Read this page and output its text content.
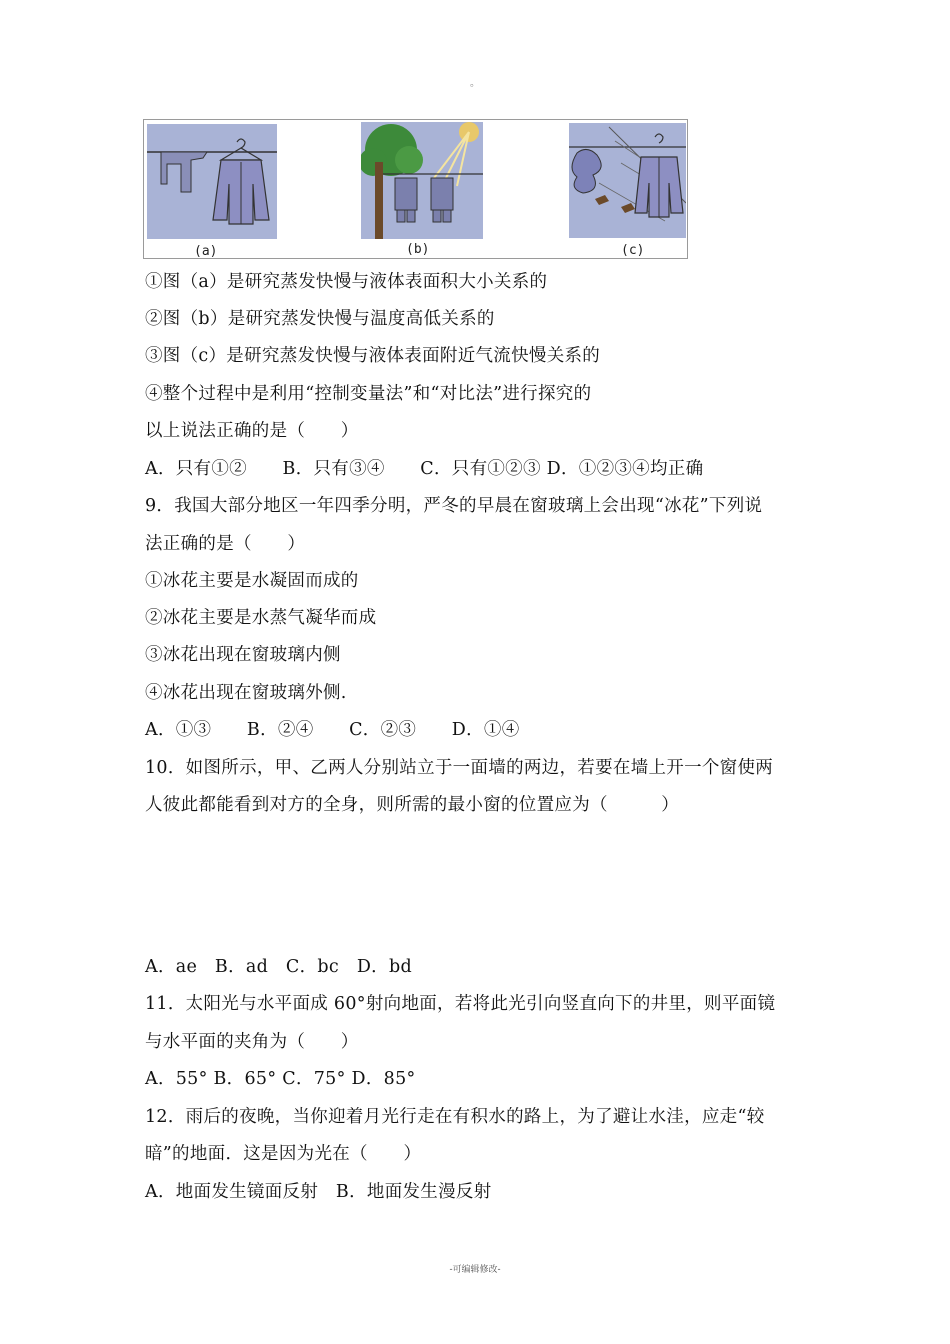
。
(a)	(b)	(c)
①图（a）是研究蒸发快慢与液体表面积大小关系的
②图（b）是研究蒸发快慢与温度高低关系的
③图（c）是研究蒸发快慢与液体表面附近气流快慢关系的
④整个过程中是利用“控制变量法”和“对比法”进行探究的
以上说法正确的是（　　）
A．只有①②　　B．只有③④　　C．只有①②③ D．①②③④均正确
9．我国大部分地区一年四季分明，严冬的早晨在窗玻璃上会出现“冰花”下列说
法正确的是（　　）
①冰花主要是水凝固而成的
②冰花主要是水蒸气凝华而成
③冰花出现在窗玻璃内侧
④冰花出现在窗玻璃外侧.
A．①③　　B．②④　　C．②③　　D．①④
10．如图所示，甲、乙两人分别站立于一面墙的两边，若要在墙上开一个窗使两
人彼此都能看到对方的全身，则所需的最小窗的位置应为（　　　）
A．ae　B．ad　C．bc　D．bd
11．太阳光与水平面成 60°射向地面，若将此光引向竖直向下的井里，则平面镜
与水平面的夹角为（　　）
A．55° B．65° C．75° D．85°
12．雨后的夜晚，当你迎着月光行走在有积水的路上，为了避让水洼，应走“较
暗”的地面．这是因为光在（　　）
A．地面发生镜面反射　B．地面发生漫反射
-可编辑修改-
